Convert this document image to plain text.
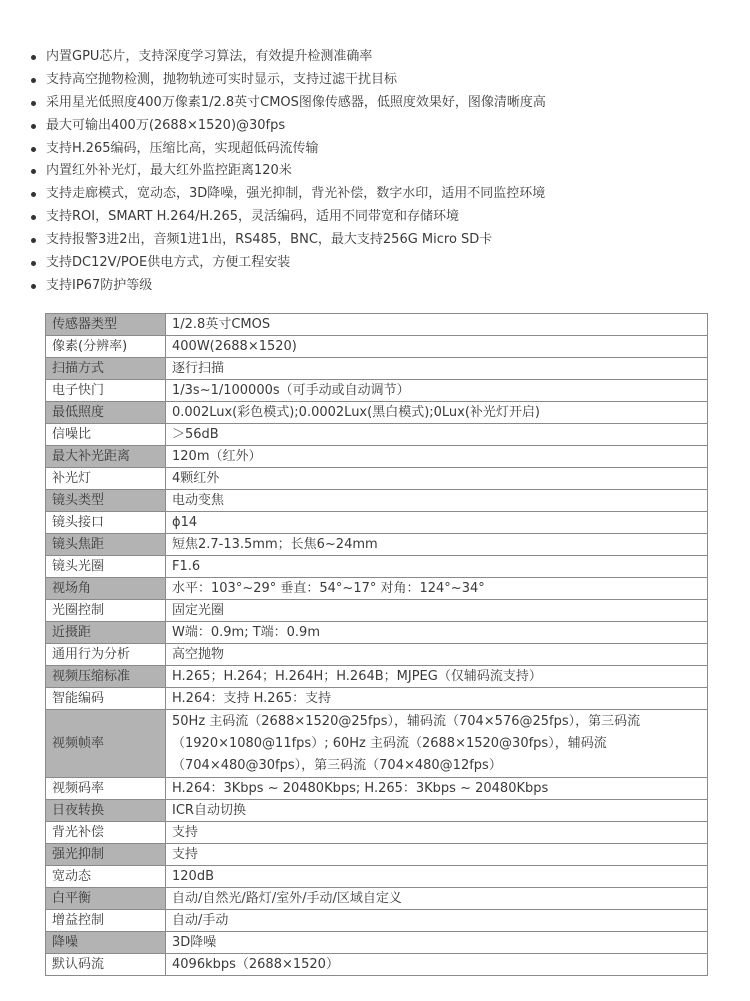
内置GPU芯片，支持深度学习算法，有效提升检测准确率
支持高空抛物检测，抛物轨迹可实时显示，支持过滤干扰目标
采用星光低照度400万像素1/2.8英寸CMOS图像传感器，低照度效果好，图像清晰度高
最大可输出400万(2688×1520)@30fps
支持H.265编码，压缩比高，实现超低码流传输
内置红外补光灯，最大红外监控距离120米
支持走廊模式，宽动态，3D降噪，强光抑制，背光补偿，数字水印，适用不同监控环境
支持ROI，SMART H.264/H.265，灵活编码，适用不同带宽和存储环境
支持报警3进2出，音频1进1出，RS485，BNC，最大支持256G Micro SD卡
支持DC12V/POE供电方式，方便工程安装
支持IP67防护等级
传感器类型	1/2.8英寸CMOS
像素(分辨率)	400W(2688×1520)
扫描方式	逐行扫描
电子快门	1/3s~1/100000s（可手动或自动调节）
最低照度	0.002Lux(彩色模式);0.0002Lux(黑白模式);0Lux(补光灯开启)
信噪比	＞56dB
最大补光距离	120m（红外）
补光灯	4颗红外
镜头类型	电动变焦
镜头接口	ϕ14
镜头焦距	短焦2.7-13.5mm；长焦6~24mm
镜头光圈	F1.6
视场角	水平：103°~29° 垂直：54°~17° 对角：124°~34°
光圈控制	固定光圈
近摄距	W端：0.9m; T端：0.9m
通用行为分析	高空抛物
视频压缩标准	H.265；H.264；H.264H；H.264B；MJPEG（仅辅码流支持）
智能编码	H.264：支持 H.265：支持
视频帧率	50Hz 主码流（2688×1520@25fps），辅码流（704×576@25fps），第三码流（1920×1080@11fps）; 60Hz 主码流（2688×1520@30fps），辅码流（704×480@30fps），第三码流（704×480@12fps）
视频码率	H.264：3Kbps ~ 20480Kbps; H.265：3Kbps ~ 20480Kbps
日夜转换	ICR自动切换
背光补偿	支持
强光抑制	支持
宽动态	120dB
白平衡	自动/自然光/路灯/室外/手动/区域自定义
增益控制	自动/手动
降噪	3D降噪
默认码流	4096kbps（2688×1520）
